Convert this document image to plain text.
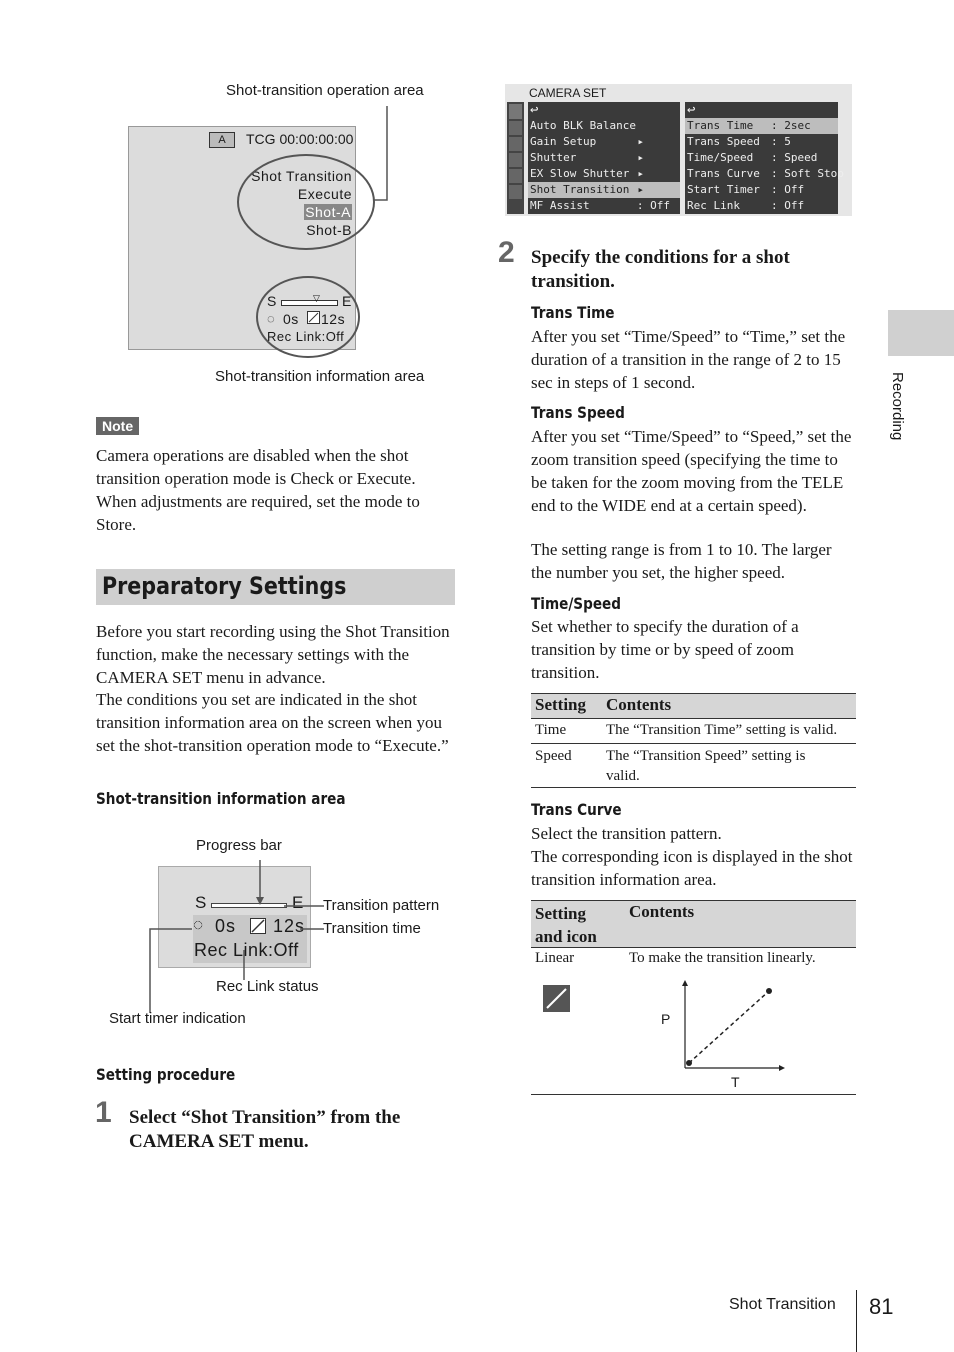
Shot-transition operation area
A	TCG 00:00:00:00
Shot Transition
Execute
Shot-A
Shot-B
S	▽ E
◌ 0s 12s
Rec Link:Off
Shot-transition information area
Note
Camera operations are disabled when the shot transition operation mode is Check or Execute. When adjustments are required, set the mode to Store.
Preparatory Settings
Before you start recording using the Shot Transition function, make the necessary settings with the CAMERA SET menu in advance.
The conditions you set are indicated in the shot transition information area on the screen when you set the shot-transition operation mode to “Execute.”
Shot-transition information area
Progress bar
S	E
◌ 0s 12s
Rec Link:Off
Transition pattern
Transition time
Rec Link status
Start timer indication
Setting procedure
1 Select “Shot Transition” from the CAMERA SET menu.
CAMERA SET
↩
Auto BLK Balance
Gain Setup	▸
Shutter	▸
EX Slow Shutter ▸
Shot Transition ▸
MF Assist	: Off
↩
Trans Time : 2sec
Trans Speed : 5
Time/Speed : Speed
Trans Curve : Soft Stop
Start Timer : Off
Rec Link	: Off
2 Specify the conditions for a shot transition.
Trans Time
After you set “Time/Speed” to “Time,” set the duration of a transition in the range of 2 to 15 sec in steps of 1 second.
Trans Speed
After you set “Time/Speed” to “Speed,” set the zoom transition speed (specifying the time to be taken for the zoom moving from the TELE end to the WIDE end at a certain speed).
The setting range is from 1 to 10. The larger the number you set, the higher speed.
Time/Speed
Set whether to specify the duration of a transition by time or by speed of zoom transition.
Setting Contents
Time	The “Transition Time” setting is valid.
Speed The “Transition Speed” setting is valid.
Trans Curve
Select the transition pattern.
The corresponding icon is displayed in the shot transition information area.
Setting and icon
Contents
Linear	To make the transition linearly.
P
T
Recording
Shot Transition 81
